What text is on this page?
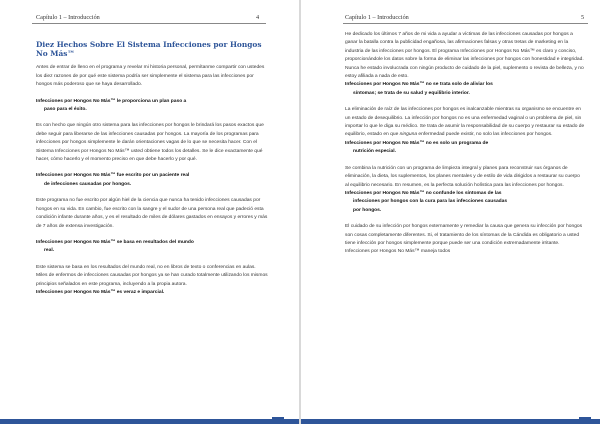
Capítulo 1 – Introducción	4
Diez Hechos Sobre El Sistema Infecciones por Hongos No Más™

Antes de entrar de lleno en el programa y revelar mi historia personal, permítanme compartir con ustedes los diez razones de por qué este sistema podría ser simplemente el sistema para las infecciones por hongos más poderoso que se haya desarrollado.

Infecciones por Hongos No Más™ le proporciona un plan paso a
paso para el éxito.

Es con hecho que ningún otro sistema para las infecciones por hongos le brindará los pasos exactos que debe seguir para liberarse de las infecciones causadas por hongos. La mayoría de los programas para infecciones por hongos simplemente le darán orientaciones vagas de lo que se necesita hacer. Con el Sistema Infecciones por Hongos No Más™ usted obtiene todos los detalles. Se le dice exactamente qué hacer, cómo hacerlo y el momento preciso en que debe hacerlo y por qué.

Infecciones por Hongos No Más™ fue escrito por un paciente real
de infecciones causadas por hongos.

Este programa no fue escrito por algún hiel de la ciencia que nunca ha tenido infecciones causadas por hongos en su vida. En cambio, fue escrito con la sangre y el sudor de una persona real que padeció esta condición infante durante años, y es el resultado de miles de dólares gastados en ensayos y errores y más de 7 años de extensa investigación.

Infecciones por Hongos No Más™ se basa en resultados del mundo
real.

Este sistema se basa en los resultados del mundo real, no en libros de texto o conferencias en aulas. Miles de enfermos de infecciones causadas por hongos ya se han curado totalmente utilizando los mismos principios señalados en este programa, incluyendo a la propia autora.

Infecciones por Hongos No Más™ es veraz e imparcial.
Capítulo 1 – Introducción	5

He dedicado los últimos 7 años de mi vida a ayudar a víctimas de las infecciones causadas por hongos a ganar la batalla contra la publicidad engañosa, las afirmaciones falsas y otras tretas de marketing en la industria de las infecciones por hongos. El programa Infecciones por Hongos No Más™ es claro y conciso, proporcionándole los datos sobre la forma de eliminar las infecciones por hongos con honestidad e integridad. Nunca he estado involucrada con ningún producto de cuidado de la piel, suplemento o revista de belleza, y no estoy afiliada a nada de esto.

Infecciones por Hongos No Más™ no se trata solo de aliviar los
síntomas; se trata de su salud y equilibrio interior.

La eliminación de raíz de las infecciones por hongos es inalcanzable mientras su organismo se encuentre en un estado de desequilibrio. La infección por hongos no es una enfermedad vaginal o un problema de piel, sin importar lo que le diga su médico. Se trata de asumir la responsabilidad de su cuerpo y restaurar su estado de equilibrio, estado en que ninguna enfermedad puede existir, no solo las infecciones por hongos.

Infecciones por Hongos No Más™ no es solo un programa de
nutrición especial.

Se combina la nutrición con un programa de limpieza integral y planes para reconstruir sus órganos de eliminación, la dieta, los suplementos, los planes mentales y de estilo de vida dirigidos a restaurar su cuerpo al equilibrio necesario. En resumen, es la perfecta solución holística para las infecciones por hongos.

Infecciones por Hongos No Más™ no confunde los síntomas de las
infecciones por hongos con la cura para las infecciones causadas
por hongos.

El cuidado de su infección por hongos externamente y remediar la causa que genera su infección por hongos son cosas completamente diferentes. Si, el tratamiento de los síntomas de la Cándida es obligatorio a usted tiene infección por hongos simplemente porque puede ser una condición extremadamente irritante. Infecciones por Hongos No Más™ maneja todos
